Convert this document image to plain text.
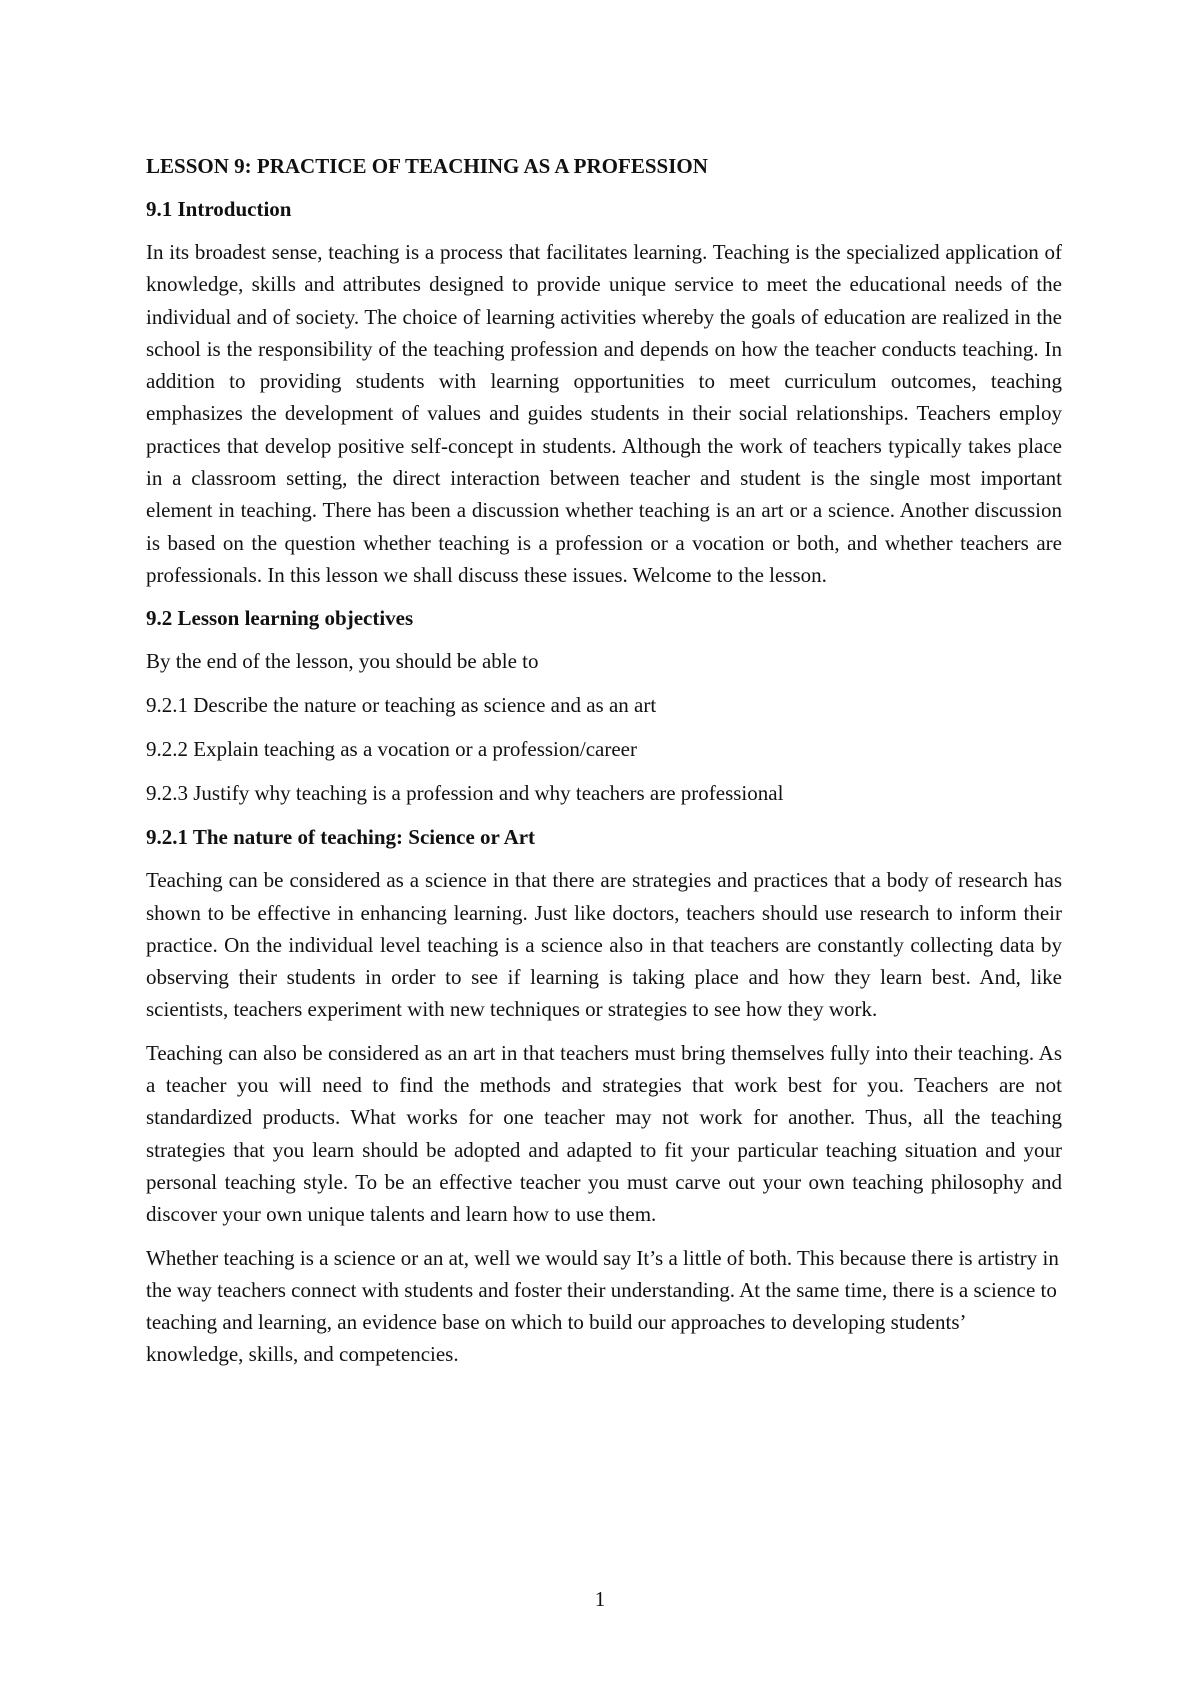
LESSON 9: PRACTICE OF TEACHING AS A PROFESSION

9.1 Introduction

In its broadest sense, teaching is a process that facilitates learning. Teaching is the specialized application of knowledge, skills and attributes designed to provide unique service to meet the educational needs of the individual and of society. The choice of learning activities whereby the goals of education are realized in the school is the responsibility of the teaching profession and depends on how the teacher conducts teaching. In addition to providing students with learning opportunities to meet curriculum outcomes, teaching emphasizes the development of values and guides students in their social relationships. Teachers employ practices that develop positive self-concept in students. Although the work of teachers typically takes place in a classroom setting, the direct interaction between teacher and student is the single most important element in teaching. There has been a discussion whether teaching is an art or a science. Another discussion is based on the question whether teaching is a profession or a vocation or both, and whether teachers are professionals. In this lesson we shall discuss these issues. Welcome to the lesson.

9.2 Lesson learning objectives

By the end of the lesson, you should be able to

9.2.1 Describe the nature or teaching as science and as an art

9.2.2 Explain teaching as a vocation or a profession/career

9.2.3 Justify why teaching is a profession and why teachers are professional

9.2.1 The nature of teaching: Science or Art

Teaching can be considered as a science in that there are strategies and practices that a body of research has shown to be effective in enhancing learning. Just like doctors, teachers should use research to inform their practice. On the individual level teaching is a science also in that teachers are constantly collecting data by observing their students in order to see if learning is taking place and how they learn best. And, like scientists, teachers experiment with new techniques or strategies to see how they work.

Teaching can also be considered as an art in that teachers must bring themselves fully into their teaching. As a teacher you will need to find the methods and strategies that work best for you. Teachers are not standardized products. What works for one teacher may not work for another. Thus, all the teaching strategies that you learn should be adopted and adapted to fit your particular teaching situation and your personal teaching style. To be an effective teacher you must carve out your own teaching philosophy and discover your own unique talents and learn how to use them.

Whether teaching is a science or an at, well we would say It’s a little of both. This because there is artistry in the way teachers connect with students and foster their understanding. At the same time, there is a science to teaching and learning, an evidence base on which to build our approaches to developing students’ knowledge, skills, and competencies.

1
